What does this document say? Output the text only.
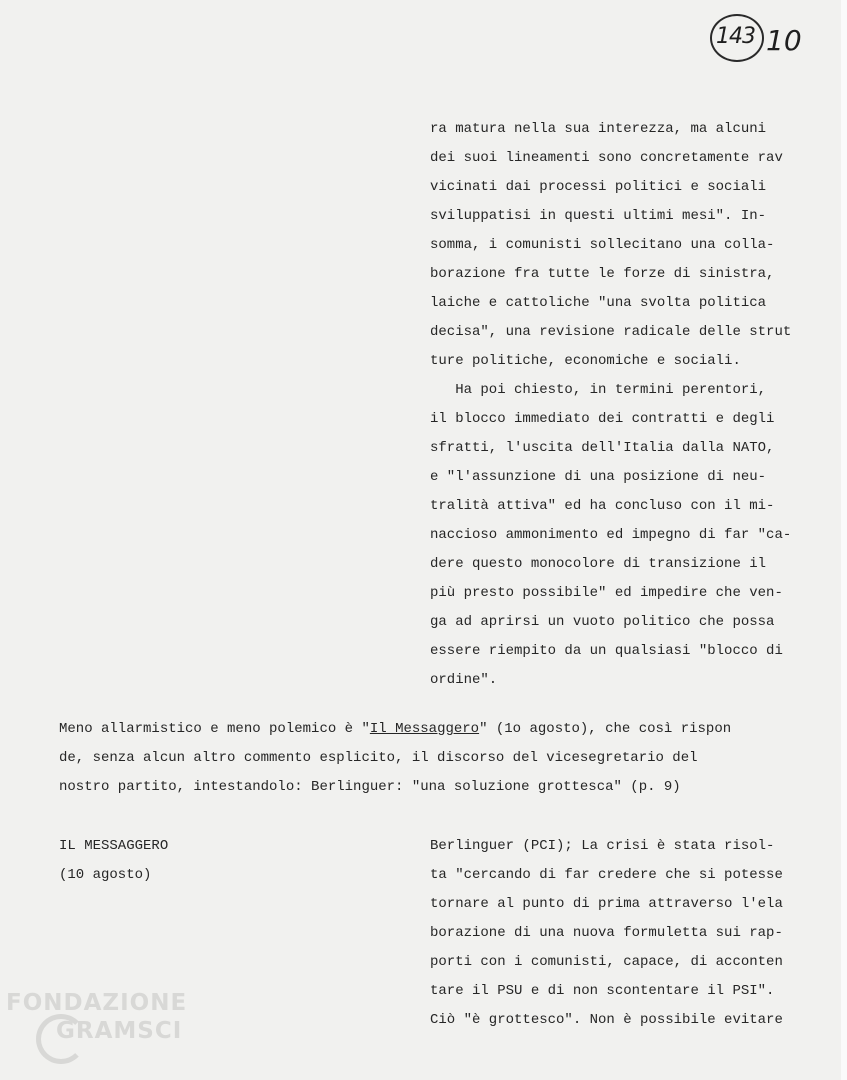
143 10
ra matura nella sua interezza, ma alcuni
dei suoi lineamenti sono concretamente rav
vicinati dai processi politici e sociali
sviluppatisi in questi ultimi mesi". In-
somma, i comunisti sollecitano una colla-
borazione fra tutte le forze di sinistra,
laiche e cattoliche "una svolta politica
decisa", una revisione radicale delle strut
ture politiche, economiche e sociali.
Ha poi chiesto, in termini perentori,
il blocco immediato dei contratti e degli
sfratti, l'uscita dell'Italia dalla NATO,
e "l'assunzione di una posizione di neu-
tralità attiva" ed ha concluso con il mi-
naccioso ammonimento ed impegno di far "ca-
dere questo monocolore di transizione il
più presto possibile" ed impedire che ven-
ga ad aprirsi un vuoto politico che possa
essere riempito da un qualsiasi "blocco di
ordine".
Meno allarmistico e meno polemico è "Il Messaggero" (1o agosto), che così rispon
de, senza alcun altro commento esplicito, il discorso del vicesegretario del
nostro partito, intestandolo: Berlinguer: "una soluzione grottesca" (p. 9)
IL MESSAGGERO
(10 agosto)
Berlinguer (PCI); La crisi è stata risol-
ta "cercando di far credere che si potesse
tornare al punto di prima attraverso l'ela
borazione di una nuova formuletta sui rap-
porti con i comunisti, capace, di acconten
tare il PSU e di non scontentare il PSI".
Ciò "è grottesco". Non è possibile evitare
FONDAZIONE
GRAMSCI
